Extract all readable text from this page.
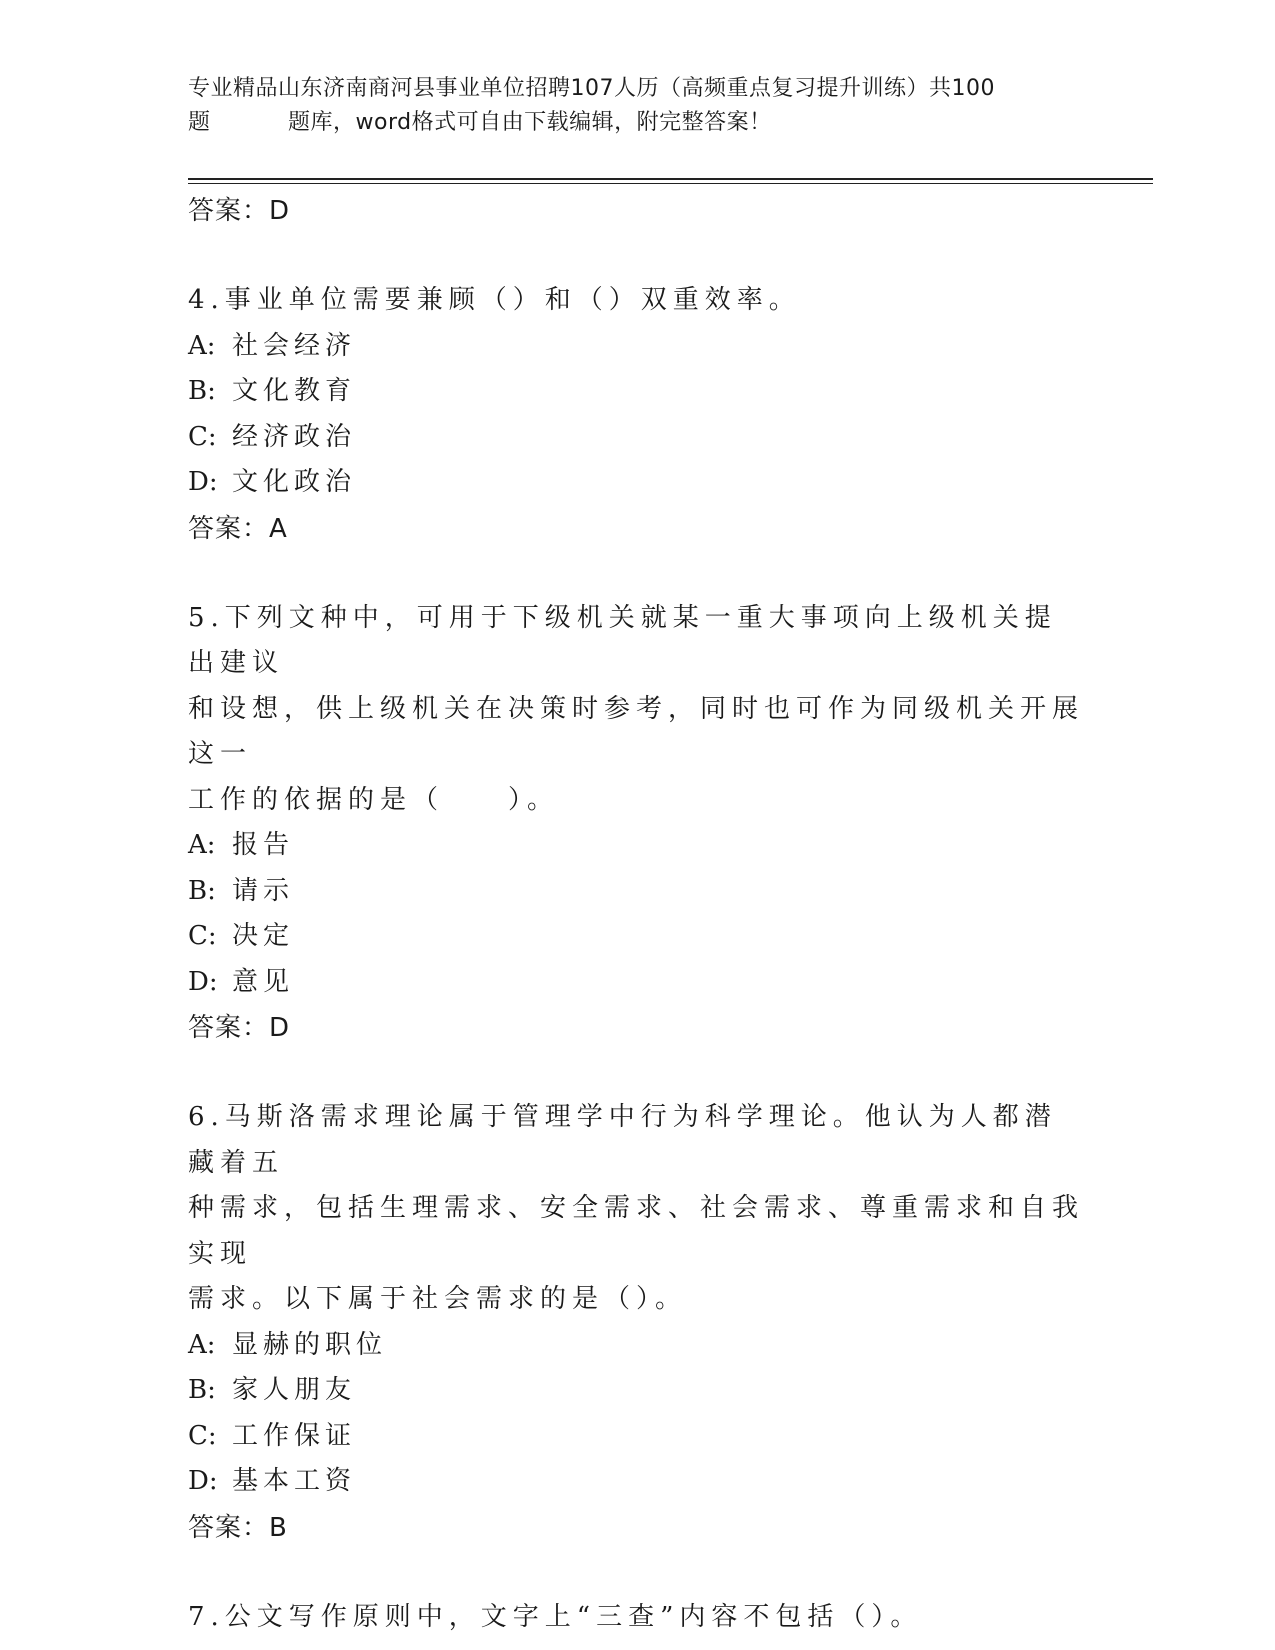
专业精品山东济南商河县事业单位招聘107人历（高频重点复习提升训练）共100
题	题库，word格式可自由下载编辑，附完整答案！
答案：D
4.事业单位需要兼顾（）和（）双重效率。
A: 社会经济
B: 文化教育
C: 经济政治
D: 文化政治
答案：A
5.下列文种中，可用于下级机关就某一重大事项向上级机关提出建议
和设想，供上级机关在决策时参考，同时也可作为同级机关开展这一
工作的依据的是（　　）。
A: 报告
B: 请示
C: 决定
D: 意见
答案：D
6.马斯洛需求理论属于管理学中行为科学理论。他认为人都潜藏着五
种需求，包括生理需求、安全需求、社会需求、尊重需求和自我实现
需求。以下属于社会需求的是（）。
A: 显赫的职位
B: 家人朋友
C: 工作保证
D: 基本工资
答案：B
7.公文写作原则中，文字上“三查”内容不包括（）。
